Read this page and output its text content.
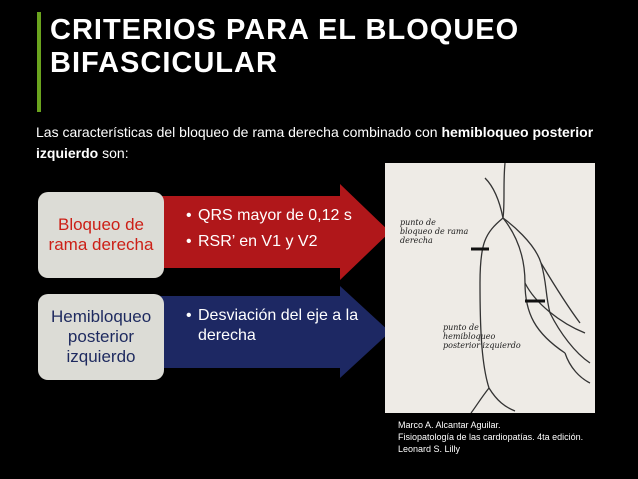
CRITERIOS PARA EL BLOQUEO BIFASCICULAR
Las características del bloqueo de rama derecha combinado con hemibloqueo posterior izquierdo son:
Bloqueo de rama derecha
• QRS mayor de 0,12 s
• RSR’ en V1 y V2
Hemibloqueo posterior izquierdo
• Desviación del eje a la derecha
punto de bloqueo de rama derecha
punto de hemibloqueo posterior izquierdo
Marco A. Alcantar Aguilar.
Fisiopatología de las cardiopatías. 4ta edición.
Leonard S. Lilly
